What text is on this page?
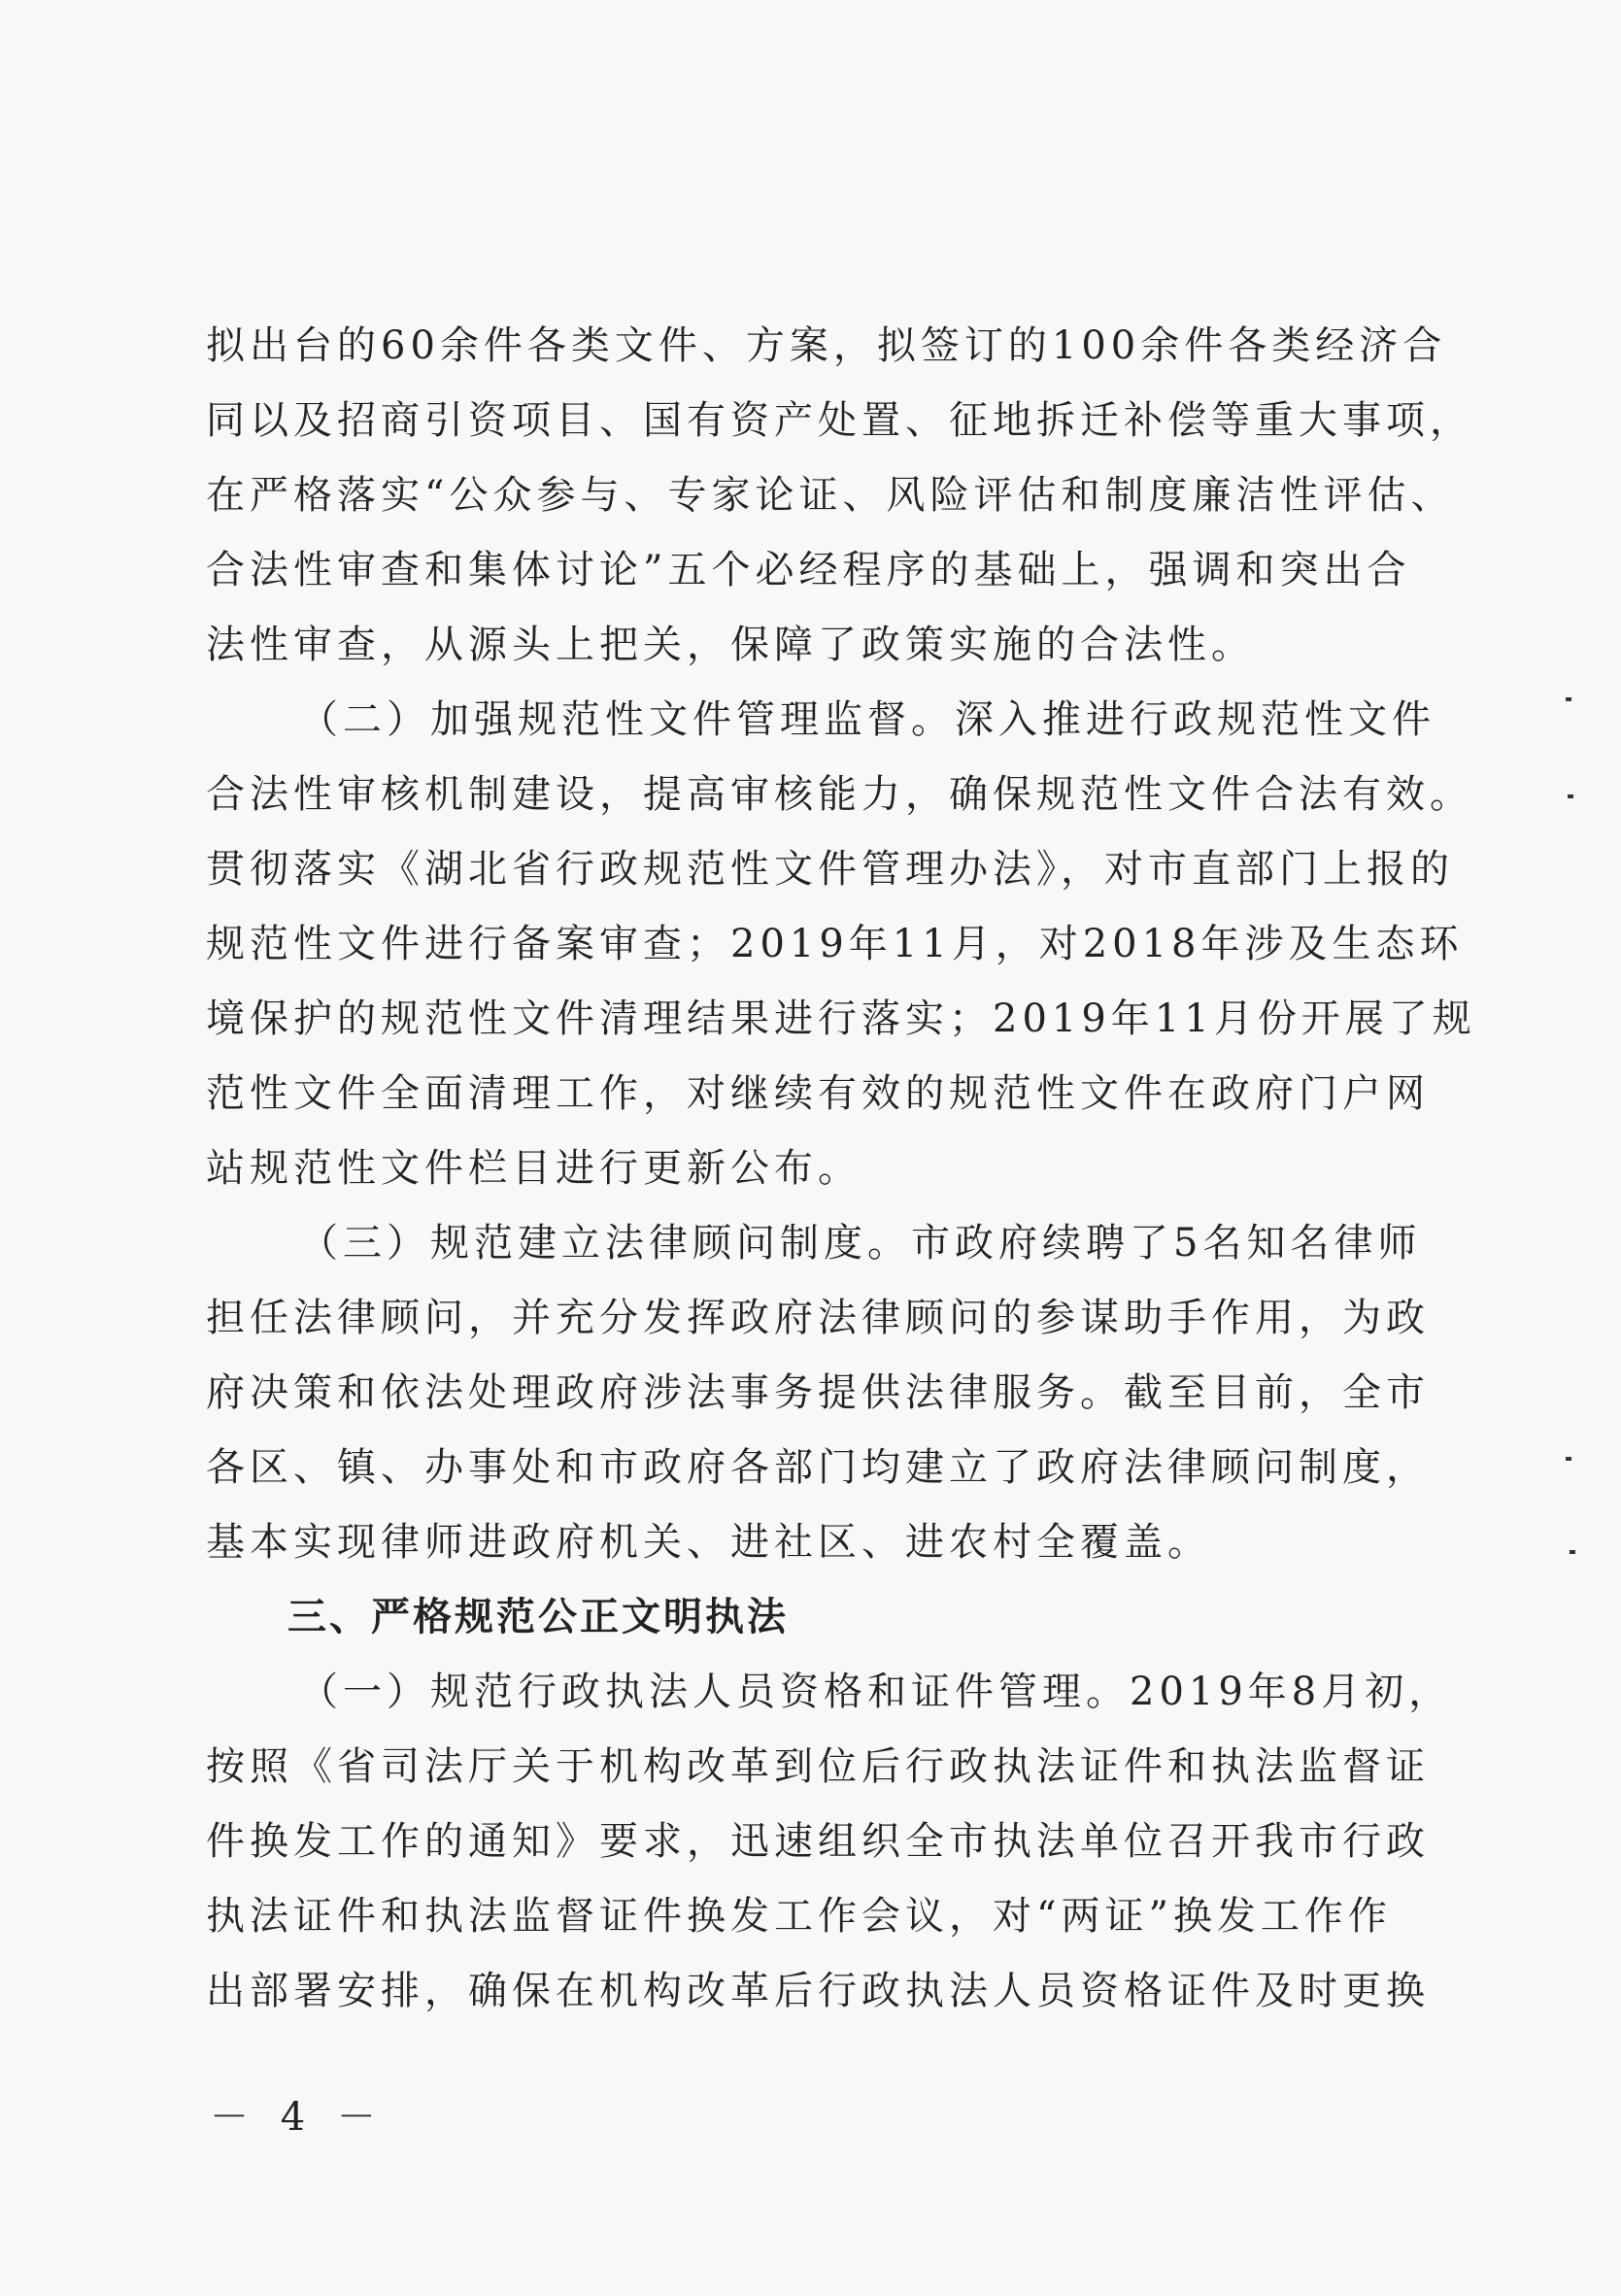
拟出台的60余件各类文件、方案，拟签订的100余件各类经济合
同以及招商引资项目、国有资产处置、征地拆迁补偿等重大事项，
在严格落实“公众参与、专家论证、风险评估和制度廉洁性评估、
合法性审查和集体讨论”五个必经程序的基础上，强调和突出合
法性审查，从源头上把关，保障了政策实施的合法性。
（二）加强规范性文件管理监督。深入推进行政规范性文件
合法性审核机制建设，提高审核能力，确保规范性文件合法有效。
贯彻落实《湖北省行政规范性文件管理办法》，对市直部门上报的
规范性文件进行备案审查；2019年11月，对2018年涉及生态环
境保护的规范性文件清理结果进行落实；2019年11月份开展了规
范性文件全面清理工作，对继续有效的规范性文件在政府门户网
站规范性文件栏目进行更新公布。
（三）规范建立法律顾问制度。市政府续聘了5名知名律师
担任法律顾问，并充分发挥政府法律顾问的参谋助手作用，为政
府决策和依法处理政府涉法事务提供法律服务。截至目前，全市
各区、镇、办事处和市政府各部门均建立了政府法律顾问制度，
基本实现律师进政府机关、进社区、进农村全覆盖。
三、严格规范公正文明执法
（一）规范行政执法人员资格和证件管理。2019年8月初，
按照《省司法厅关于机构改革到位后行政执法证件和执法监督证
件换发工作的通知》要求，迅速组织全市执法单位召开我市行政
执法证件和执法监督证件换发工作会议，对“两证”换发工作作
出部署安排，确保在机构改革后行政执法人员资格证件及时更换
－ 4 －
